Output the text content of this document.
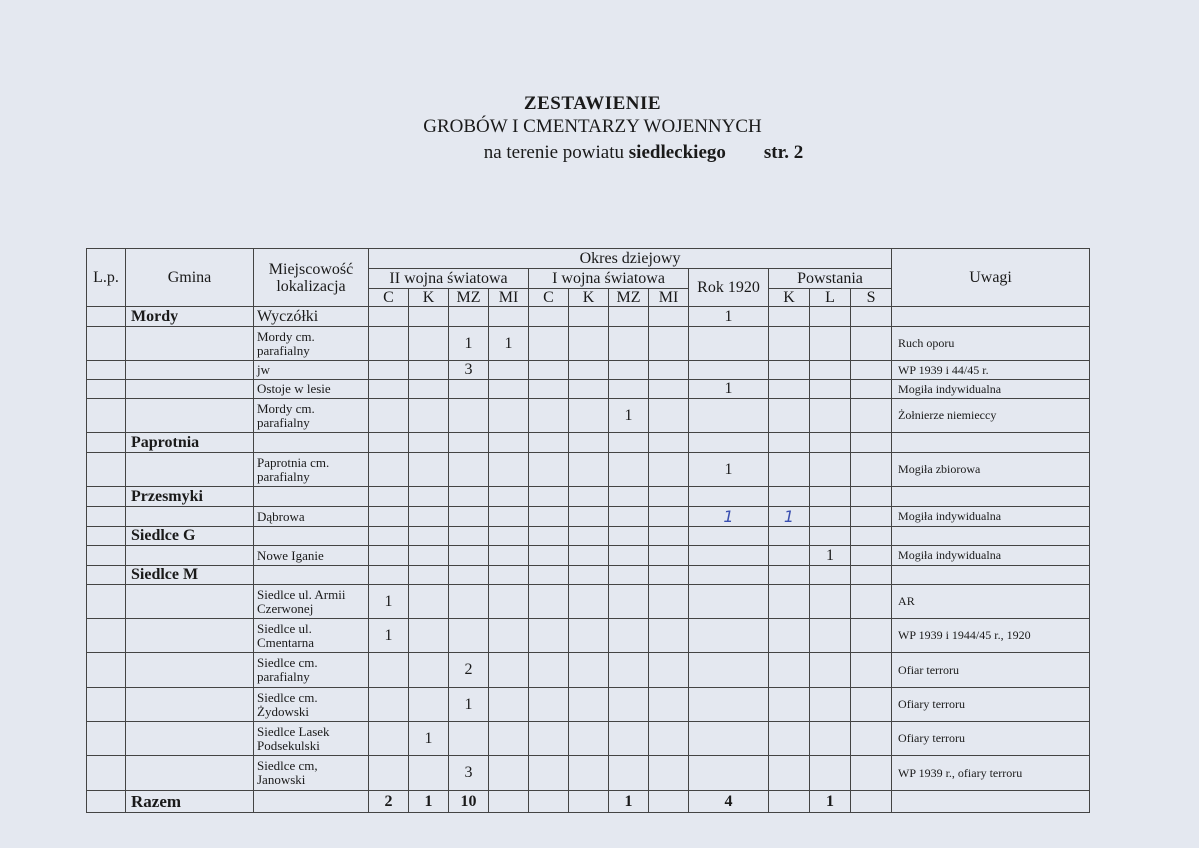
ZESTAWIENIE
GROBÓW I CMENTARZY WOJENNYCH
na terenie powiatu siedleckiego str. 2
L.p.	Gmina	Miejscowość lokalizacja	Okres dziejowy												Uwagi
			II wojna światowa				I wojna światowa				Rok 1920	Powstania			
			C	K	MZ	MI	C	K	MZ	MI		K	L	S	
	Mordy	Wyczółki									1				
		Mordy cm. parafialny			1	1									Ruch oporu
		jw			3										WP 1939 i 44/45 r.
		Ostoje w lesie									1				Mogiła indywidualna
		Mordy cm. parafialny							1						Żołnierze niemieccy
	Paprotnia														
		Paprotnia cm. parafialny									1				Mogiła zbiorowa
	Przesmyki														
		Dąbrowa									1	1			Mogiła indywidualna
	Siedlce G														
		Nowe Iganie											1		Mogiła indywidualna
	Siedlce M														
		Siedlce ul. Armii Czerwonej	1												AR
		Siedlce ul. Cmentarna	1												WP 1939 i 1944/45 r., 1920
		Siedlce cm. parafialny			2										Ofiar terroru
		Siedlce cm. Żydowski			1										Ofiary terroru
		Siedlce Lasek Podsekulski		1											Ofiary terroru
		Siedlce cm, Janowski			3										WP 1939 r., ofiary terroru
	Razem		2	1	10				1		4		1		
